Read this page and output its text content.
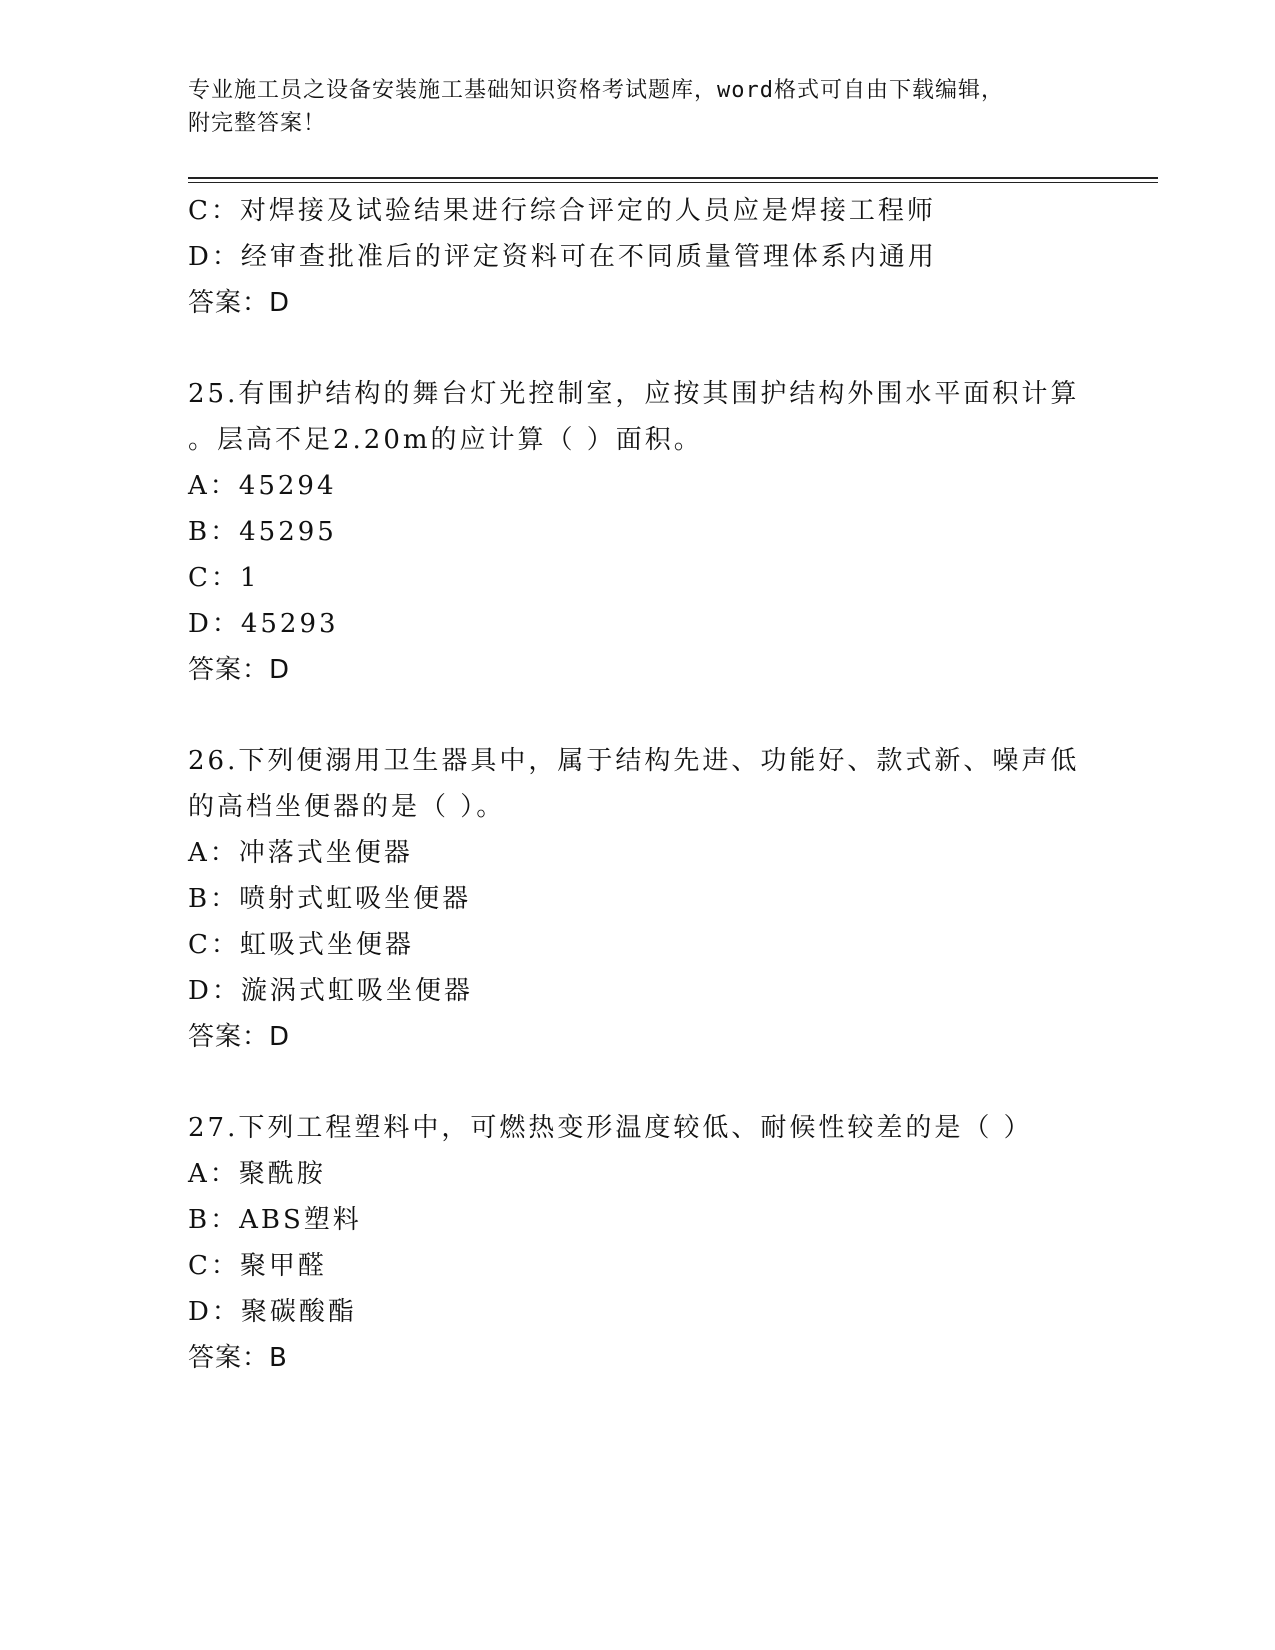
专业施工员之设备安装施工基础知识资格考试题库，word格式可自由下载编辑，
附完整答案！
C：对焊接及试验结果进行综合评定的人员应是焊接工程师
D：经审查批准后的评定资料可在不同质量管理体系内通用
答案：D
25.有围护结构的舞台灯光控制室，应按其围护结构外围水平面积计算
。层高不足2.20m的应计算（ ）面积。
A：45294
B：45295
C：1
D：45293
答案：D
26.下列便溺用卫生器具中，属于结构先进、功能好、款式新、噪声低
的高档坐便器的是（ ）。
A：冲落式坐便器
B：喷射式虹吸坐便器
C：虹吸式坐便器
D：漩涡式虹吸坐便器
答案：D
27.下列工程塑料中，可燃热变形温度较低、耐候性较差的是（ ）
A：聚酰胺
B：ABS塑料
C：聚甲醛
D：聚碳酸酯
答案：B
